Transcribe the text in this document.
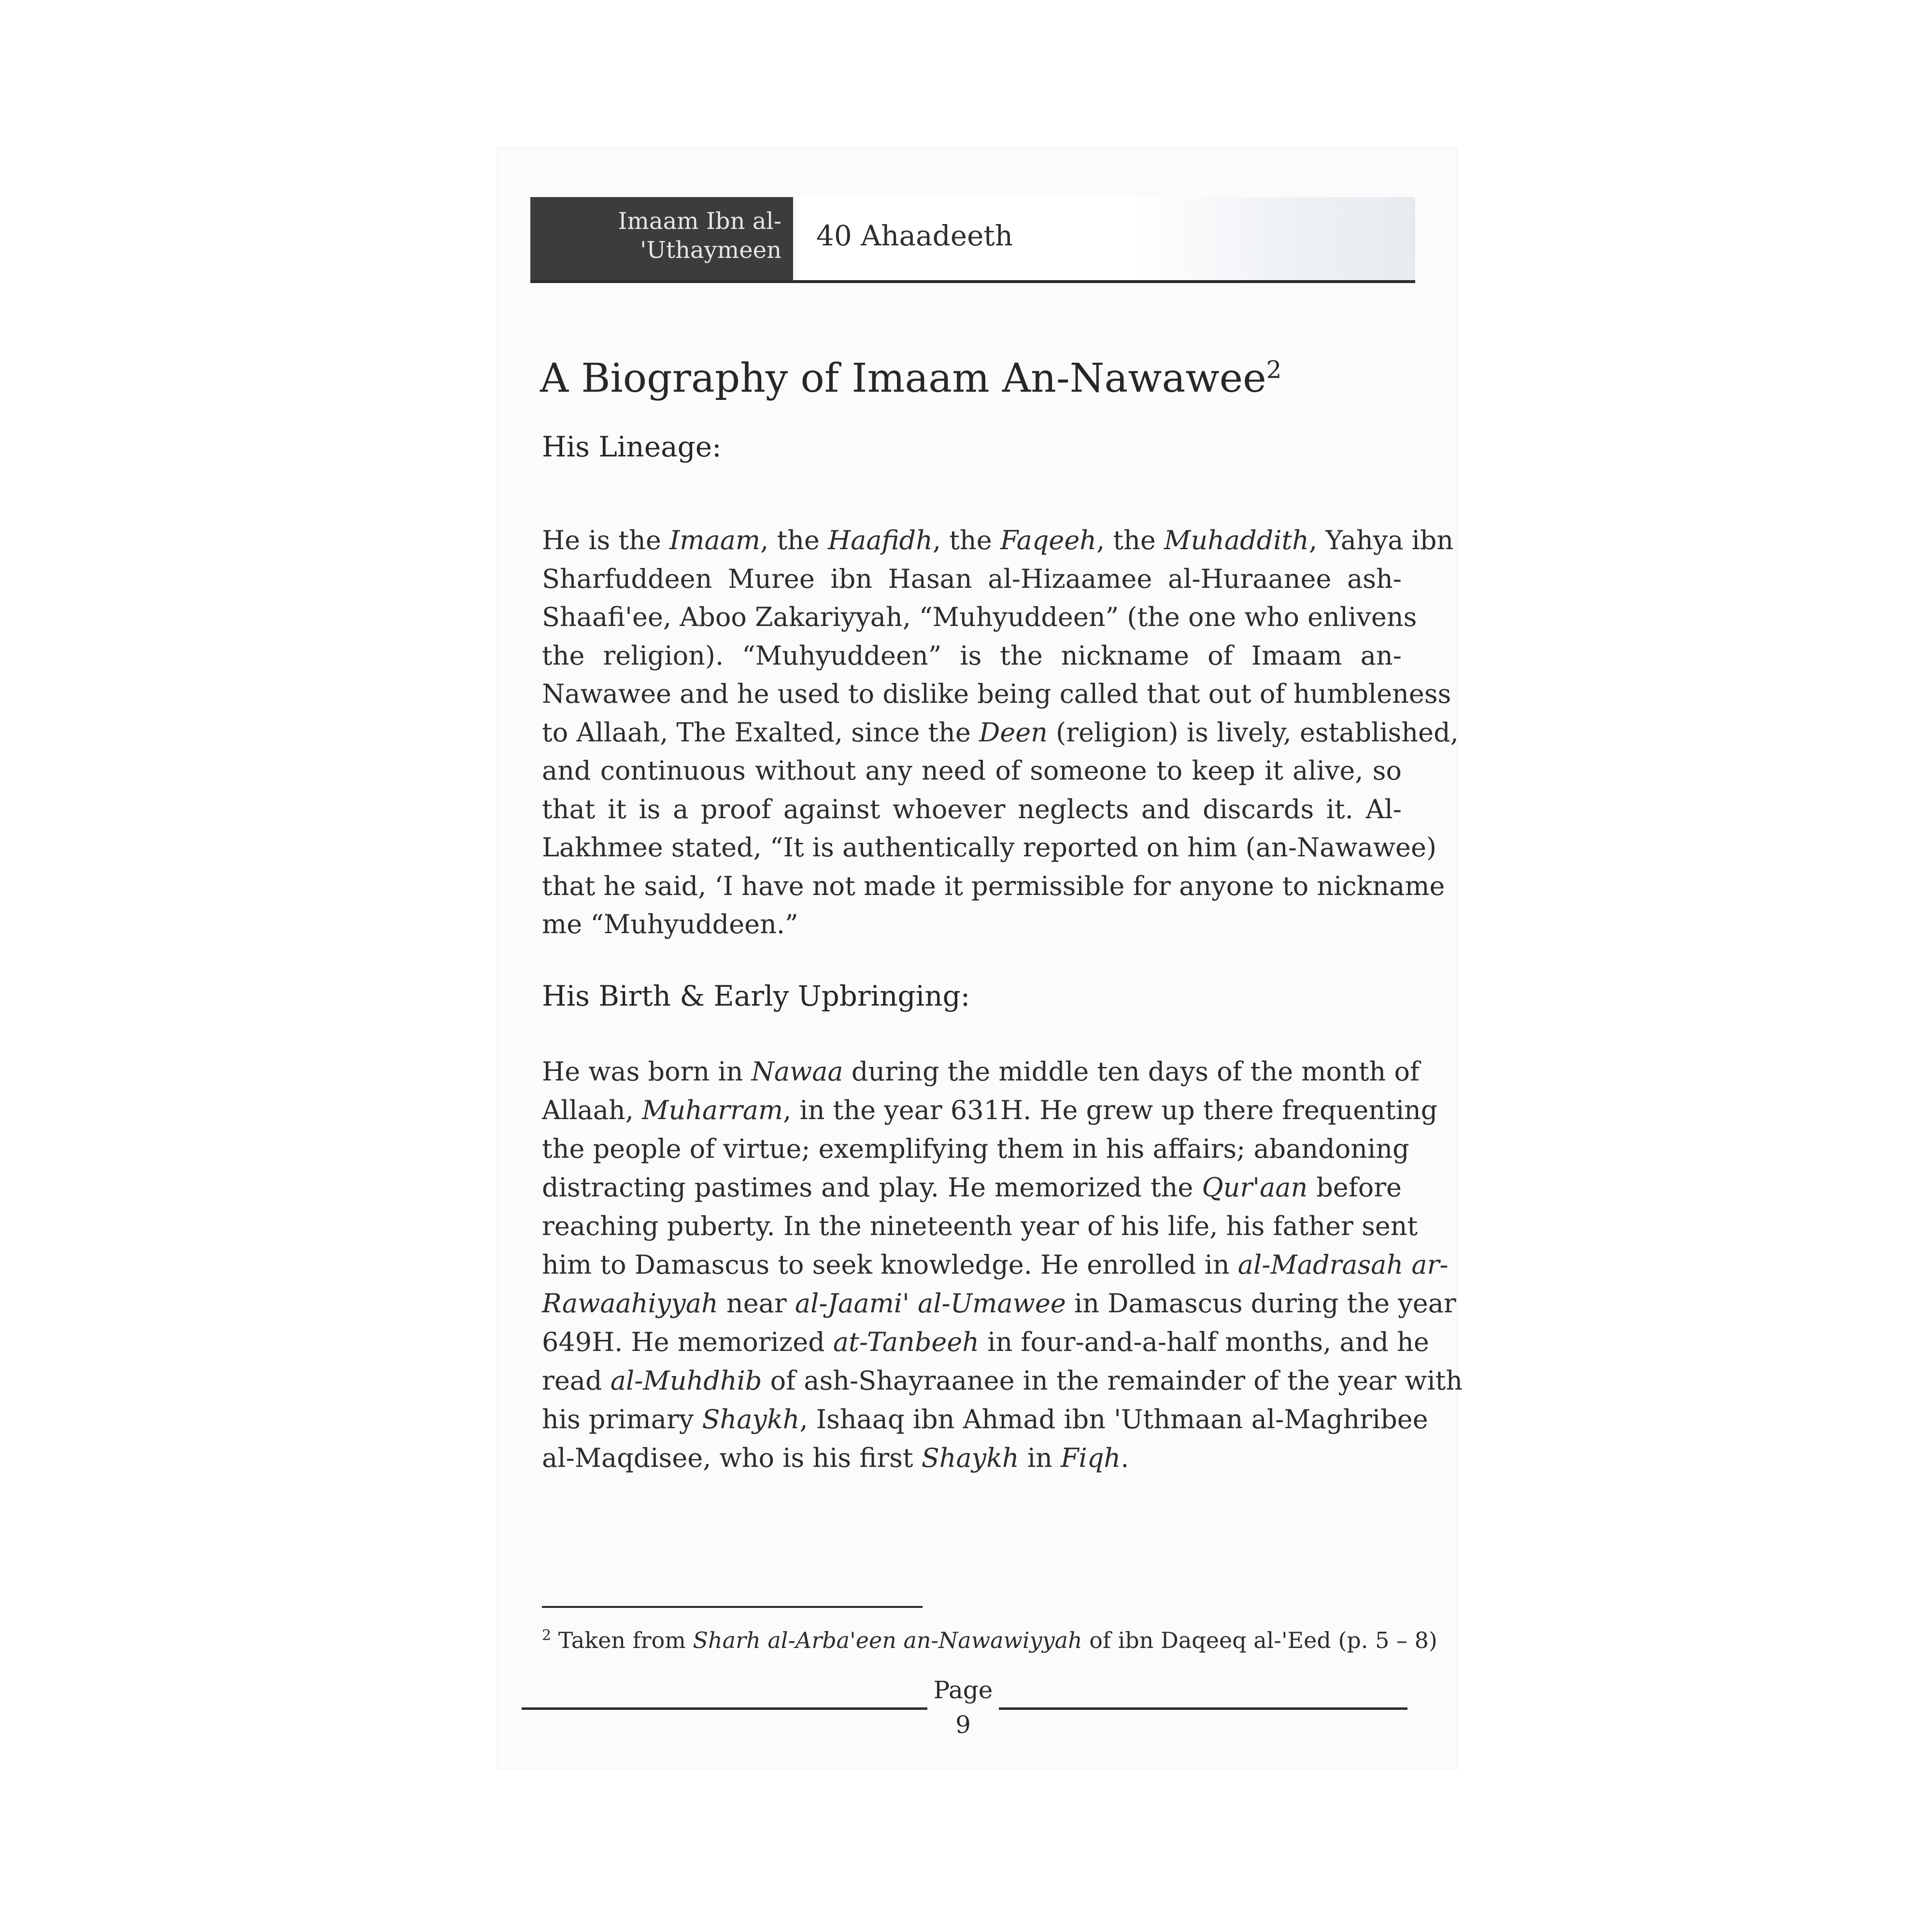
Imaam Ibn al-

'Uthaymeen 40 Ahaadeeth

A Biography of Imaam An-Nawawee$^2$
His Lineage:

He is the Imaam, the Haafidh, the Faqeeh, the Muhaddith, Yahya ibn

Sharfuddeen Muree ibn Hasan al-Hizaamee al-Huraanee ash-

Shaafi'ee, Aboo Zakariyyah, “Muhyuddeen” (the one who enlivens

the religion). “Muhyuddeen” is the nickname of Imaam an-

Nawawee and he used to dislike being called that out of humbleness

to Allaah, The Exalted, since the Deen (religion) is lively, established,

and continuous without any need of someone to keep it alive, so

that it is a proof against whoever neglects and discards it. Al-

Lakhmee stated, “It is authentically reported on him (an-Nawawee)

that he said, ‘I have not made it permissible for anyone to nickname

me “Muhyuddeen.”

His Birth & Early Upbringing:

He was born in Nawaa during the middle ten days of the month of

Allaah, Muharram, in the year 631H. He grew up there frequenting

the people of virtue; exemplifying them in his affairs; abandoning

distracting pastimes and play. He memorized the Qur'aan before

reaching puberty. In the nineteenth year of his life, his father sent

him to Damascus to seek knowledge. He enrolled in al-Madrasah ar-

Rawaahiyyah near al-Jaami' al-Umawee in Damascus during the year

649H. He memorized at-Tanbeeh in four-and-a-half months, and he

read al-Muhdhib of ash-Shayraanee in the remainder of the year with

his primary Shaykh, Ishaaq ibn Ahmad ibn 'Uthmaan al-Maghribee

al-Maqdisee, who is his first Shaykh in Fiqh.

$^2$ Taken from Sharh al-Arba'een an-Nawawiyyah of ibn Daqeeq al-'Eed (p. 5 – 8)

Page

9
